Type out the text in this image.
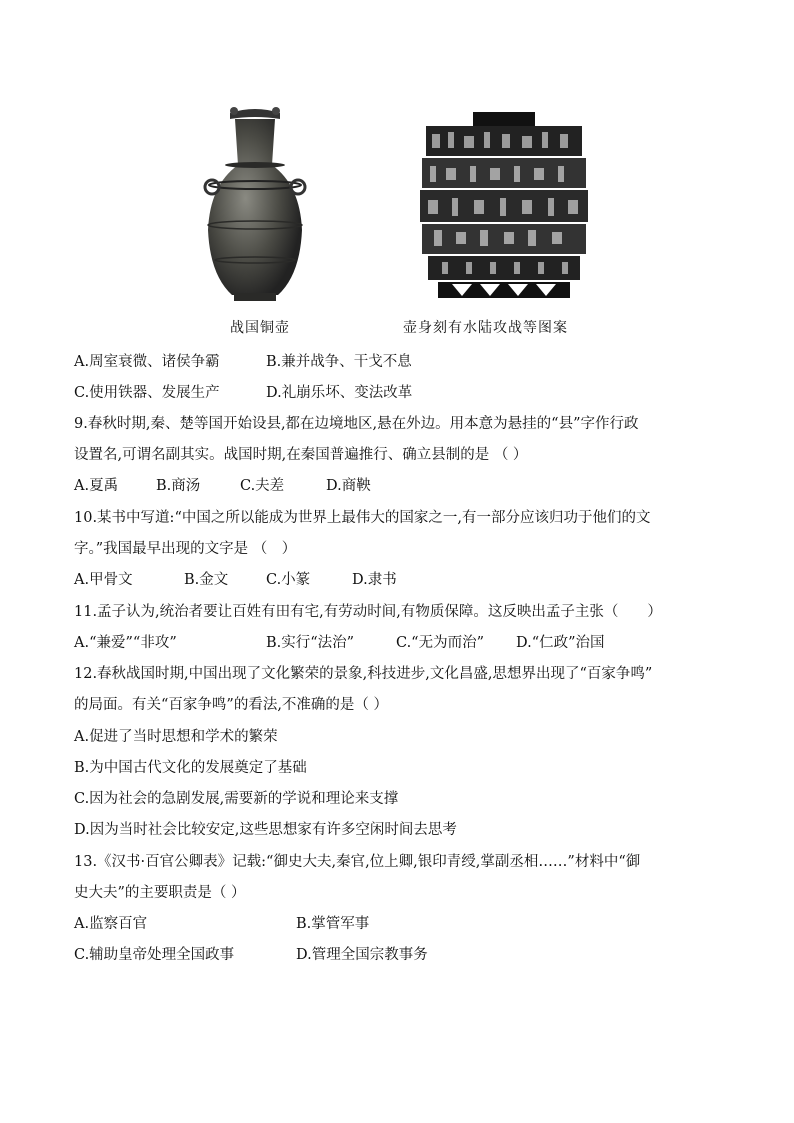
战国铜壶	壶身刻有水陆攻战等图案
A.周室衰微、诸侯争霸	B.兼并战争、干戈不息
C.使用铁器、发展生产	D.礼崩乐坏、变法改革
9.春秋时期,秦、楚等国开始设县,都在边境地区,悬在外边。用本意为悬挂的“县”字作行政
设置名,可谓名副其实。战国时期,在秦国普遍推行、确立县制的是 （ ）
A.夏禹	B.商汤	C.夫差	D.商鞅
10.某书中写道:“中国之所以能成为世界上最伟大的国家之一,有一部分应该归功于他们的文
字。”我国最早出现的文字是 （　）
A.甲骨文	B.金文	C.小篆	D.隶书
11.孟子认为,统治者要让百姓有田有宅,有劳动时间,有物质保障。这反映出孟子主张（　　）
A.“兼爱”“非攻”	B.实行“法治”	C.“无为而治” D.“仁政”治国
12.春秋战国时期,中国出现了文化繁荣的景象,科技进步,文化昌盛,思想界出现了“百家争鸣”
的局面。有关“百家争鸣”的看法,不准确的是（ ）
A.促进了当时思想和学术的繁荣
B.为中国古代文化的发展奠定了基础
C.因为社会的急剧发展,需要新的学说和理论来支撑
D.因为当时社会比较安定,这些思想家有许多空闲时间去思考
13.《汉书·百官公卿表》记载:“御史大夫,秦官,位上卿,银印青绶,掌副丞相……”材料中“御
史大夫”的主要职责是（ ）
A.监察百官	B.掌管军事
C.辅助皇帝处理全国政事	D.管理全国宗教事务
